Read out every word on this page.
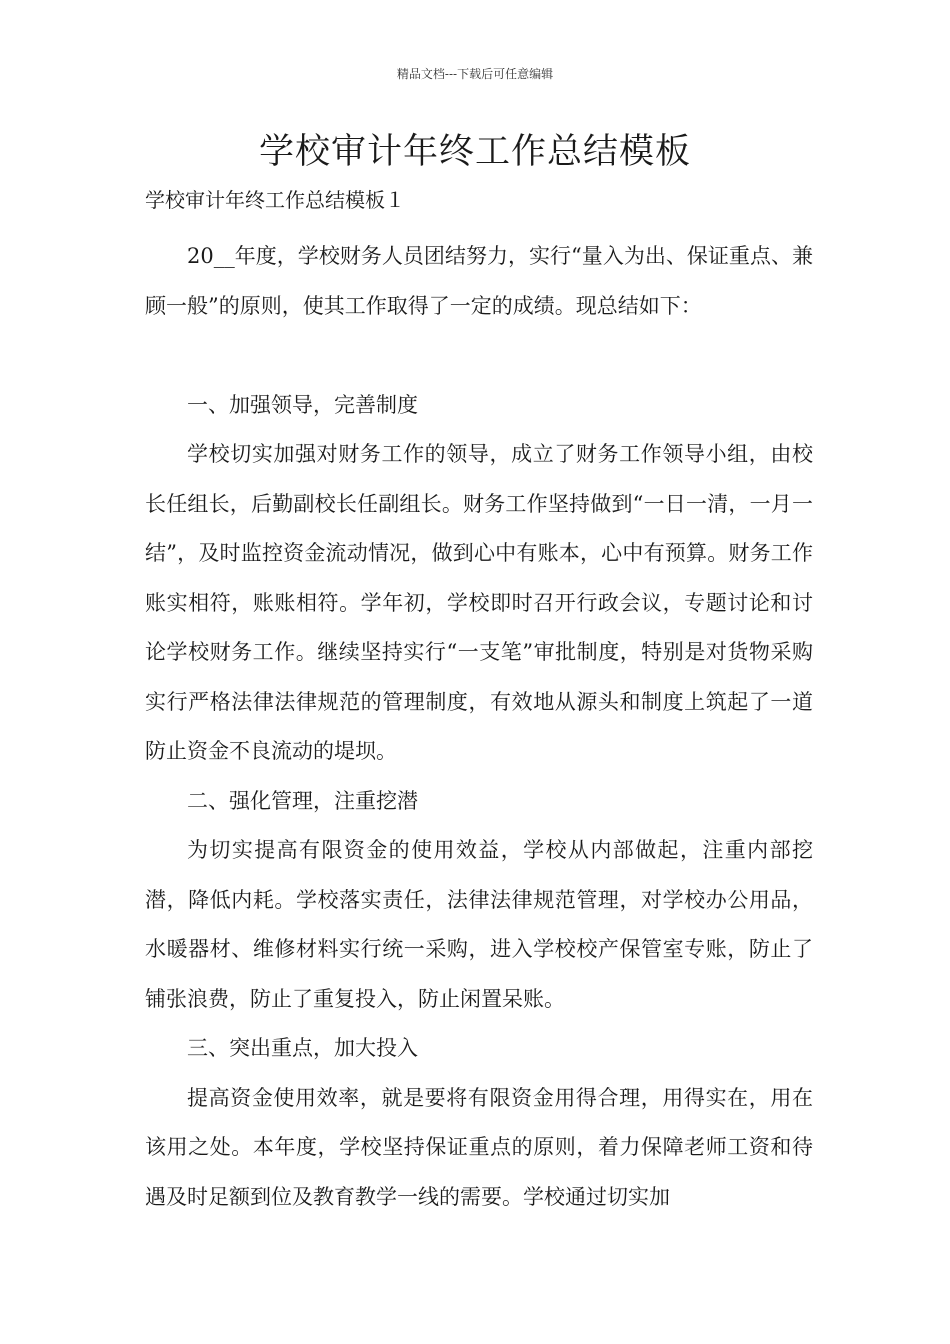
精品文档---下载后可任意编辑
学校审计年终工作总结模板

学校审计年终工作总结模板１

20__年度，学校财务人员团结努力，实行“量入为出、保证重点、兼顾一般”的原则，使其工作取得了一定的成绩。现总结如下：

一、加强领导，完善制度

学校切实加强对财务工作的领导，成立了财务工作领导小组，由校长任组长，后勤副校长任副组长。财务工作坚持做到“一日一清，一月一结”，及时监控资金流动情况，做到心中有账本，心中有预算。财务工作账实相符，账账相符。学年初，学校即时召开行政会议，专题讨论和讨论学校财务工作。继续坚持实行“一支笔”审批制度，特别是对货物采购实行严格法律法律规范的管理制度，有效地从源头和制度上筑起了一道防止资金不良流动的堤坝。

二、强化管理，注重挖潜

为切实提高有限资金的使用效益，学校从内部做起，注重内部挖潜，降低内耗。学校落实责任，法律法律规范管理，对学校办公用品，水暖器材、维修材料实行统一采购，进入学校校产保管室专账，防止了铺张浪费，防止了重复投入，防止闲置呆账。

三、突出重点，加大投入

提高资金使用效率，就是要将有限资金用得合理，用得实在，用在该用之处。本年度，学校坚持保证重点的原则，着力保障老师工资和待遇及时足额到位及教育教学一线的需要。学校通过切实加
